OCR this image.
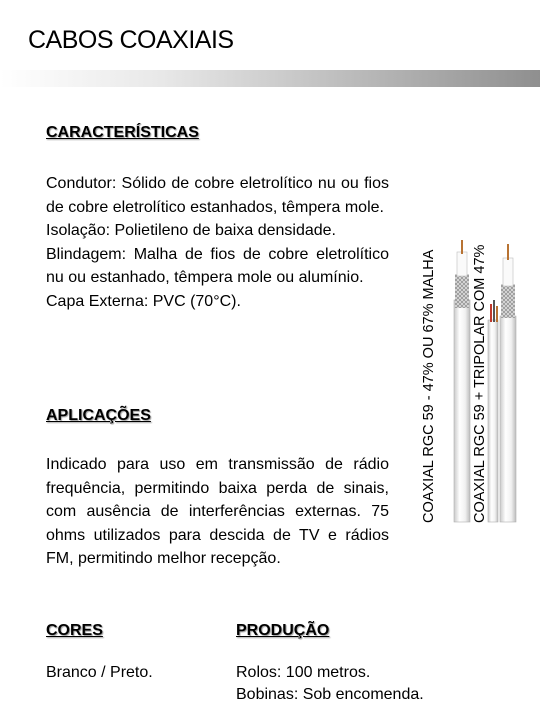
CABOS COAXIAIS
CARACTERÍSTICAS

Condutor: Sólido de cobre eletrolítico nu ou fios de cobre eletrolítico estanhados, têmpera mole.

Isolação: Polietileno de baixa densidade.

Blindagem: Malha de fios de cobre eletrolítico nu ou estanhado, têmpera mole ou alumínio.

Capa Externa: PVC (70°C).

APLICAÇÕES

Indicado para uso em transmissão de rádio frequência, permitindo baixa perda de sinais, com ausência de interferências externas. 75 ohms utilizados para descida de TV e rádios FM, permitindo melhor recepção.

CORES	PRODUÇÃO
Branco / Preto.	Rolos: 100 metros.

Bobinas: Sob encomenda.

COAXIAL RGC 59 - 47% OU 67% MALHA COAXIAL RGC 59 + TRIPOLAR COM 47%
